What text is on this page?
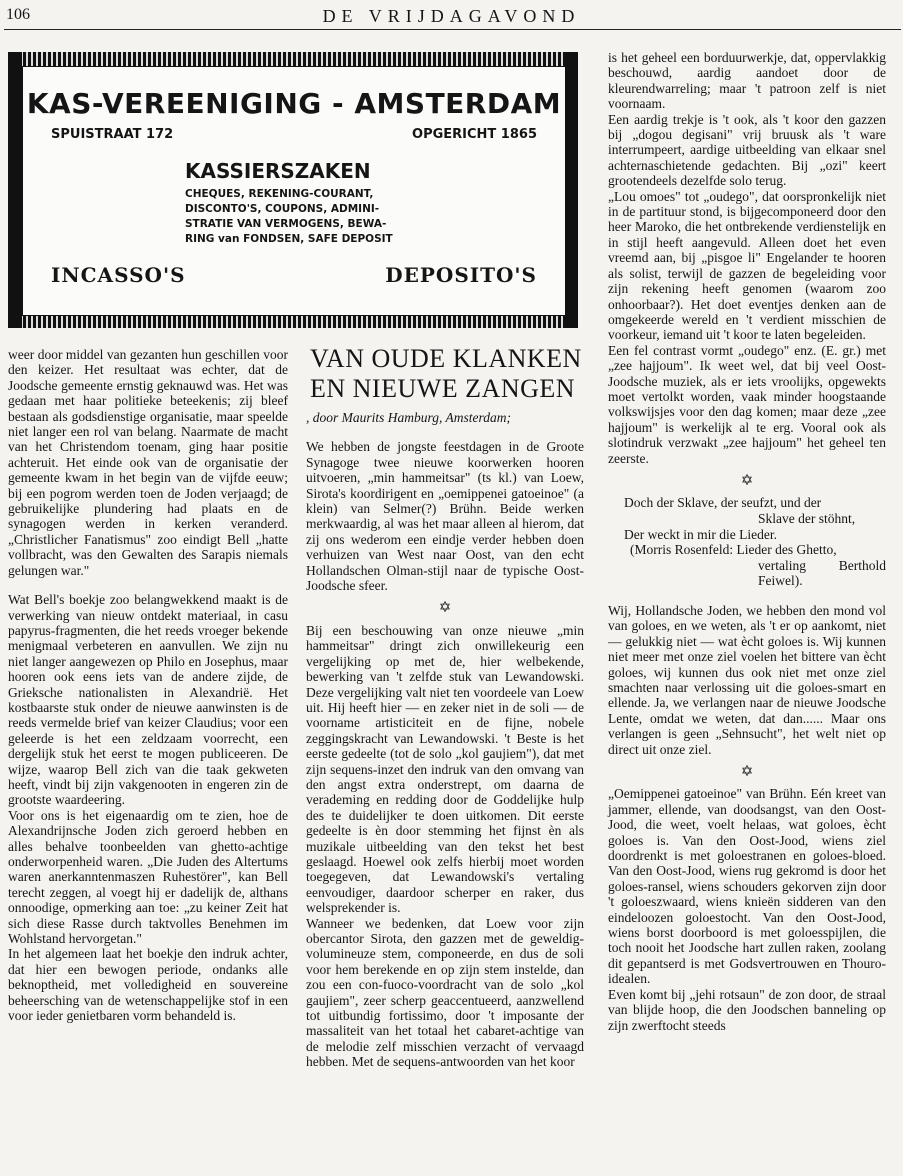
106	DE VRIJDAGAVOND
KAS-VEREENIGING - AMSTERDAM
SPUISTRAAT 172	OPGERICHT 1865
KASSIERSZAKEN
CHEQUES, REKENING-COURANT,
DISCONTO'S, COUPONS, ADMINI-
STRATIE VAN VERMOGENS, BEWA-
RING van FONDSEN, SAFE DEPOSIT
INCASSO'S	DEPOSITO'S

weer door middel van gezanten hun geschillen voor den keizer. Het resultaat was echter, dat de Joodsche gemeente ernstig geknauwd was. Het was gedaan met haar politieke beteekenis; zij bleef bestaan als godsdienstige organisatie, maar speelde niet langer een rol van belang. Naarmate de macht van het Christendom toenam, ging haar positie achteruit. Het einde ook van de organisatie der gemeente kwam in het begin van de vijfde eeuw; bij een pogrom werden toen de Joden verjaagd; de gebruikelijke plundering had plaats en de synagogen werden in kerken veranderd. „Christlicher Fanatismus" zoo eindigt Bell „hatte vollbracht, was den Gewalten des Sarapis niemals gelungen war."

Wat Bell's boekje zoo belangwekkend maakt is de verwerking van nieuw ontdekt materiaal, in casu papyrus-fragmenten, die het reeds vroeger bekende menigmaal verbeteren en aanvullen. We zijn nu niet langer aangewezen op Philo en Josephus, maar hooren ook eens iets van de andere zijde, de Grieksche nationalisten in Alexandrië. Het kostbaarste stuk onder de nieuwe aanwinsten is de reeds vermelde brief van keizer Claudius; voor een geleerde is het een zeldzaam voorrecht, een dergelijk stuk het eerst te mogen publiceeren. De wijze, waarop Bell zich van die taak gekweten heeft, vindt bij zijn vakgenooten in engeren zin de grootste waardeering.

Voor ons is het eigenaardig om te zien, hoe de Alexandrijnsche Joden zich geroerd hebben en alles behalve toonbeelden van ghetto-achtige onderworpenheid waren. „Die Juden des Altertums waren anerkanntenmaszen Ruhestörer", kan Bell terecht zeggen, al voegt hij er dadelijk de, althans onnoodige, opmerking aan toe: „zu keiner Zeit hat sich diese Rasse durch taktvolles Benehmen im Wohlstand hervorgetan."

In het algemeen laat het boekje den indruk achter, dat hier een bewogen periode, ondanks alle beknoptheid, met volledigheid en souvereine beheersching van de wetenschappelijke stof in een voor ieder genietbaren vorm behandeld is.

VAN OUDE KLANKEN
EN NIEUWE ZANGEN
, door Maurits Hamburg, Amsterdam;

We hebben de jongste feestdagen in de Groote Synagoge twee nieuwe koorwerken hooren uitvoeren, „min hammeitsar" (ts kl.) van Loew, Sirota's koordirigent en „oemippenei gatoeinoe" (a klein) van Selmer(?) Brühn. Beide werken merkwaardig, al was het maar alleen al hierom, dat zij ons wederom een eindje verder hebben doen verhuizen van West naar Oost, van den echt Hollandschen Olman-stijl naar de typische Oost-Joodsche sfeer.

✡

Bij een beschouwing van onze nieuwe „min hammeitsar" dringt zich onwillekeurig een vergelijking op met de, hier welbekende, bewerking van 't zelfde stuk van Lewandowski. Deze vergelijking valt niet ten voordeele van Loew uit. Hij heeft hier — en zeker niet in de soli — de voorname artisticiteit en de fijne, nobele zeggingskracht van Lewandowski. 't Beste is het eerste gedeelte (tot de solo „kol gaujiem"), dat met zijn sequens-inzet den indruk van den omvang van den angst extra onderstrept, om daarna de verademing en redding door de Goddelijke hulp des te duidelijker te doen uitkomen. Dit eerste gedeelte is èn door stemming het fijnst èn als muzikale uitbeelding van den tekst het best geslaagd. Hoewel ook zelfs hierbij moet worden toegegeven, dat Lewandowski's vertaling eenvoudiger, daardoor scherper en raker, dus welsprekender is.

Wanneer we bedenken, dat Loew voor zijn obercantor Sirota, den gazzen met de geweldig-volumineuze stem, componeerde, en dus de soli voor hem berekende en op zijn stem instelde, dan zou een con-fuoco-voordracht van de solo „kol gaujiem", zeer scherp geaccentueerd, aanzwellend tot uitbundig fortissimo, door 't imposante der massaliteit van het totaal het cabaret-achtige van de melodie zelf misschien verzacht of vervaagd hebben. Met de sequens-antwoorden van het koor

is het geheel een borduurwerkje, dat, oppervlakkig beschouwd, aardig aandoet door de kleurendwarreling; maar 't patroon zelf is niet voornaam.

Een aardig trekje is 't ook, als 't koor den gazzen bij „dogou degisani" vrij bruusk als 't ware interrumpeert, aardige uitbeelding van elkaar snel achternaschietende gedachten. Bij „ozi" keert grootendeels dezelfde solo terug.

„Lou omoes" tot „oudego", dat oorspronkelijk niet in de partituur stond, is bijgecomponeerd door den heer Maroko, die het ontbrekende verdienstelijk en in stijl heeft aangevuld. Alleen doet het even vreemd aan, bij „pisgoe li" Engelander te hooren als solist, terwijl de gazzen de begeleiding voor zijn rekening heeft genomen (waarom zoo onhoorbaar?). Het doet eventjes denken aan de omgekeerde wereld en 't verdient misschien de voorkeur, iemand uit 't koor te laten begeleiden.

Een fel contrast vormt „oudego" enz. (E. gr.) met „zee hajjoum". Ik weet wel, dat bij veel Oost-Joodsche muziek, als er iets vroolijks, opgewekts moet vertolkt worden, vaak minder hoogstaande volkswijsjes voor den dag komen; maar deze „zee hajjoum" is werkelijk al te erg. Vooral ook als slotindruk verzwakt „zee hajjoum" het geheel ten zeerste.

✡
Doch der Sklave, der seufzt, und der
Sklave der stöhnt,
Der weckt in mir die Lieder.
(Morris Rosenfeld: Lieder des Ghetto,
vertaling Berthold Feiwel).

Wij, Hollandsche Joden, we hebben den mond vol van goloes, en we weten, als 't er op aankomt, niet — gelukkig niet — wat ècht goloes is. Wij kunnen niet meer met onze ziel voelen het bittere van ècht goloes, wij kunnen dus ook niet met onze ziel smachten naar verlossing uit die goloes-smart en ellende. Ja, we verlangen naar de nieuwe Joodsche Lente, omdat we weten, dat dan...... Maar ons verlangen is geen „Sehnsucht", het welt niet op direct uit onze ziel.

✡

„Oemippenei gatoeinoe" van Brühn. Eén kreet van jammer, ellende, van doodsangst, van den Oost-Jood, die weet, voelt helaas, wat goloes, ècht goloes is. Van den Oost-Jood, wiens ziel doordrenkt is met goloestranen en goloes-bloed. Van den Oost-Jood, wiens rug gekromd is door het goloes-ransel, wiens schouders gekorven zijn door 't goloeszwaard, wiens knieën sidderen van den eindeloozen goloestocht. Van den Oost-Jood, wiens borst doorboord is met goloesspijlen, die toch nooit het Joodsche hart zullen raken, zoolang dit gepantserd is met Godsvertrouwen en Thouro-idealen.

Even komt bij „jehi rotsaun" de zon door, de straal van blijde hoop, die den Joodschen banneling op zijn zwerftocht steeds
